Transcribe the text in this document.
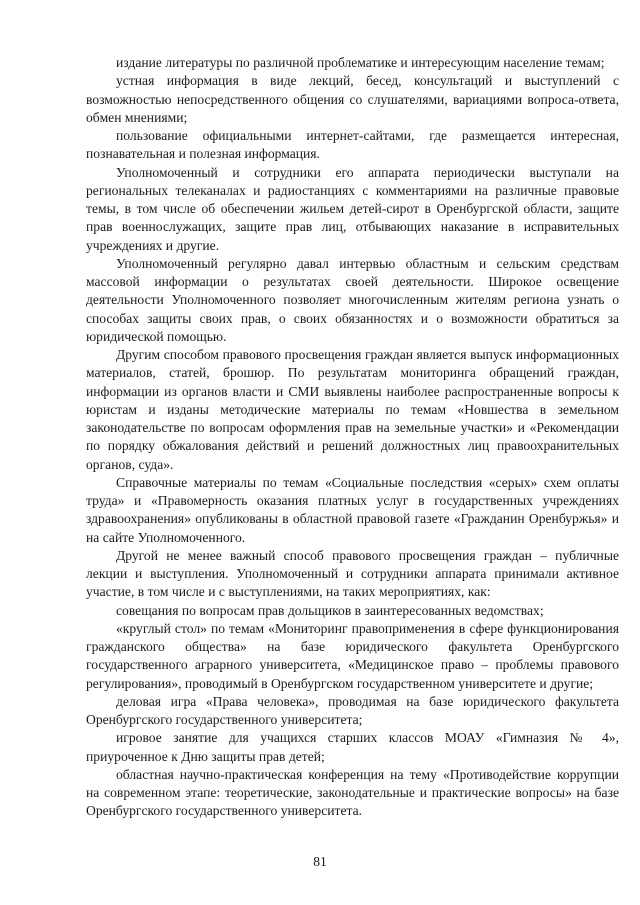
издание литературы по различной проблематике и интересующим население темам;

устная информация в виде лекций, бесед, консультаций и выступлений с возможностью непосредственного общения со слушателями, вариациями вопроса-ответа, обмен мнениями;

пользование официальными интернет-сайтами, где размещается интересная, познавательная и полезная информация.

Уполномоченный и сотрудники его аппарата периодически выступали на региональных телеканалах и радиостанциях с комментариями на различные правовые темы, в том числе об обеспечении жильем детей-сирот в Оренбургской области, защите прав военнослужащих, защите прав лиц, отбывающих наказание в исправительных учреждениях и другие.

Уполномоченный регулярно давал интервью областным и сельским средствам массовой информации о результатах своей деятельности. Широкое освещение деятельности Уполномоченного позволяет многочисленным жителям региона узнать о способах защиты своих прав, о своих обязанностях и о возможности обратиться за юридической помощью.

Другим способом правового просвещения граждан является выпуск информационных материалов, статей, брошюр. По результатам мониторинга обращений граждан, информации из органов власти и СМИ выявлены наиболее распространенные вопросы к юристам и изданы методические материалы по темам «Новшества в земельном законодательстве по вопросам оформления прав на земельные участки» и «Рекомендации по порядку обжалования действий и решений должностных лиц правоохранительных органов, суда».

Справочные материалы по темам «Социальные последствия «серых» схем оплаты труда» и «Правомерность оказания платных услуг в государственных учреждениях здравоохранения» опубликованы в областной правовой газете «Гражданин Оренбуржья» и на сайте Уполномоченного.

Другой не менее важный способ правового просвещения граждан – публичные лекции и выступления. Уполномоченный и сотрудники аппарата принимали активное участие, в том числе и с выступлениями, на таких мероприятиях, как:

совещания по вопросам прав дольщиков в заинтересованных ведомствах;

«круглый стол» по темам «Мониторинг правоприменения в сфере функционирования гражданского общества» на базе юридического факультета Оренбургского государственного аграрного университета, «Медицинское право – проблемы правового регулирования», проводимый в Оренбургском государственном университете и другие;

деловая игра «Права человека», проводимая на базе юридического факультета Оренбургского государственного университета;

игровое занятие для учащихся старших классов МОАУ «Гимназия № 4», приуроченное к Дню защиты прав детей;

областная научно-практическая конференция на тему «Противодействие коррупции на современном этапе: теоретические, законодательные и практические вопросы» на базе Оренбургского государственного университета.

81
